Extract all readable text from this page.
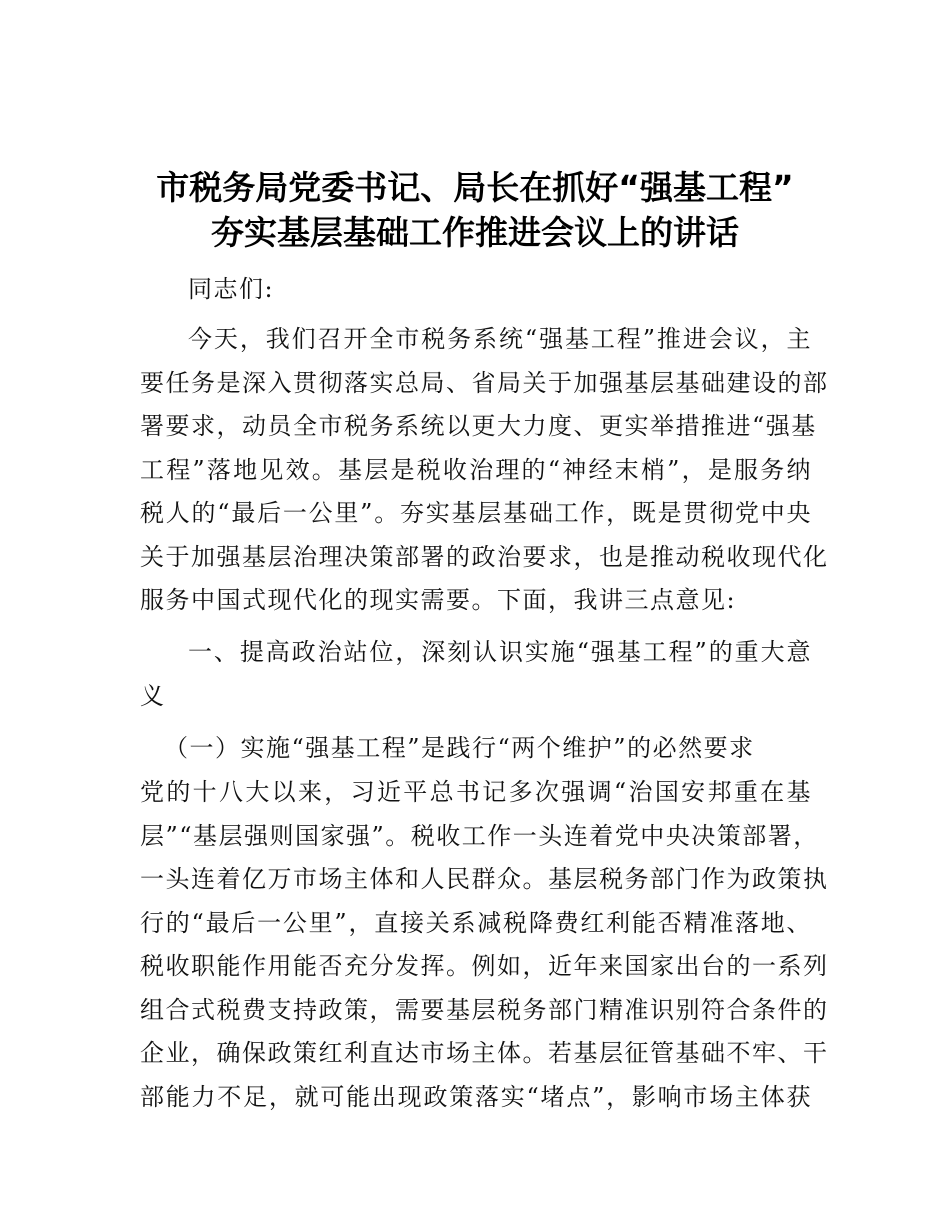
市税务局党委书记、局长在抓好“强基工程”
夯实基层基础工作推进会议上的讲话
同志们:
今天，我们召开全市税务系统“强基工程”推进会议，主
要任务是深入贯彻落实总局、省局关于加强基层基础建设的部
署要求，动员全市税务系统以更大力度、更实举措推进“强基
工程”落地见效。基层是税收治理的“神经末梢”，是服务纳
税人的“最后一公里”。夯实基层基础工作，既是贯彻党中央
关于加强基层治理决策部署的政治要求，也是推动税收现代化
服务中国式现代化的现实需要。下面，我讲三点意见:
一、提高政治站位，深刻认识实施“强基工程”的重大意
义
（一）实施“强基工程”是践行“两个维护”的必然要求
党的十八大以来，习近平总书记多次强调“治国安邦重在基
层”“基层强则国家强”。税收工作一头连着党中央决策部署，
一头连着亿万市场主体和人民群众。基层税务部门作为政策执
行的“最后一公里”，直接关系减税降费红利能否精准落地、
税收职能作用能否充分发挥。例如，近年来国家出台的一系列
组合式税费支持政策，需要基层税务部门精准识别符合条件的
企业，确保政策红利直达市场主体。若基层征管基础不牢、干
部能力不足，就可能出现政策落实“堵点”，影响市场主体获
